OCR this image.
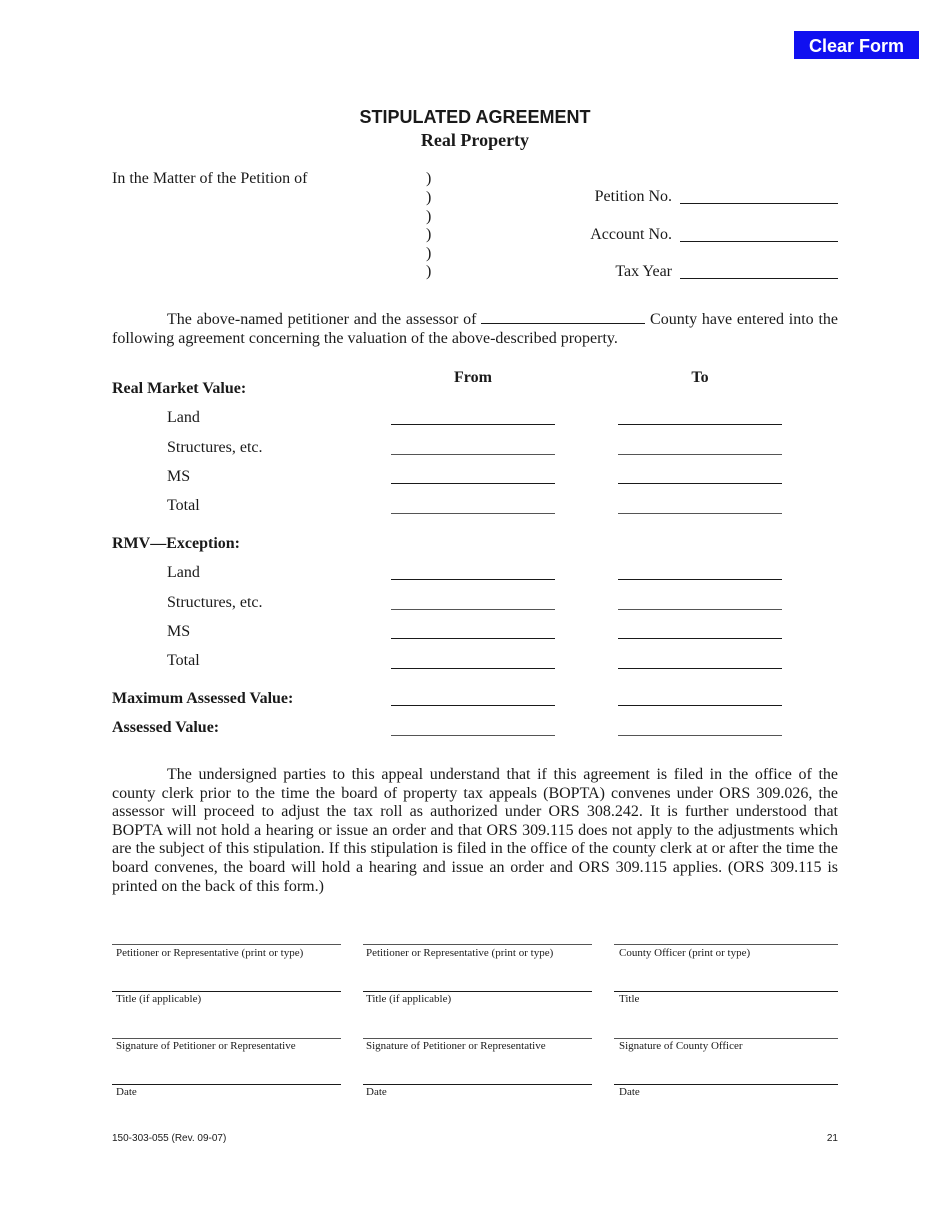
Clear Form
STIPULATED AGREEMENT
Real Property
In the Matter of the Petition of	)
)
)
)
)
)
Petition No.
Account No.
Tax Year
The above-named petitioner and the assessor of	County have entered into the following agreement concerning the valuation of the above-described property.
From	To
Real Market Value:
Land
Structures, etc.
MS
Total
RMV—Exception:
Land
Structures, etc.
MS
Total
Maximum Assessed Value:
Assessed Value:
The undersigned parties to this appeal understand that if this agreement is filed in the office of the county clerk prior to the time the board of property tax appeals (BOPTA) convenes under ORS 309.026, the assessor will proceed to adjust the tax roll as authorized under ORS 308.242. It is further understood that BOPTA will not hold a hearing or issue an order and that ORS 309.115 does not apply to the adjustments which are the subject of this stipulation. If this stipulation is filed in the office of the county clerk at or after the time the board convenes, the board will hold a hearing and issue an order and ORS 309.115 applies. (ORS 309.115 is printed on the back of this form.)
Petitioner or Representative (print or type)
Title (if applicable)
Signature of Petitioner or Representative
Date
Petitioner or Representative (print or type)
Title (if applicable)
Signature of Petitioner or Representative
Date
County Officer (print or type)
Title
Signature of County Officer
Date
150-303-055 (Rev. 09-07)	21
